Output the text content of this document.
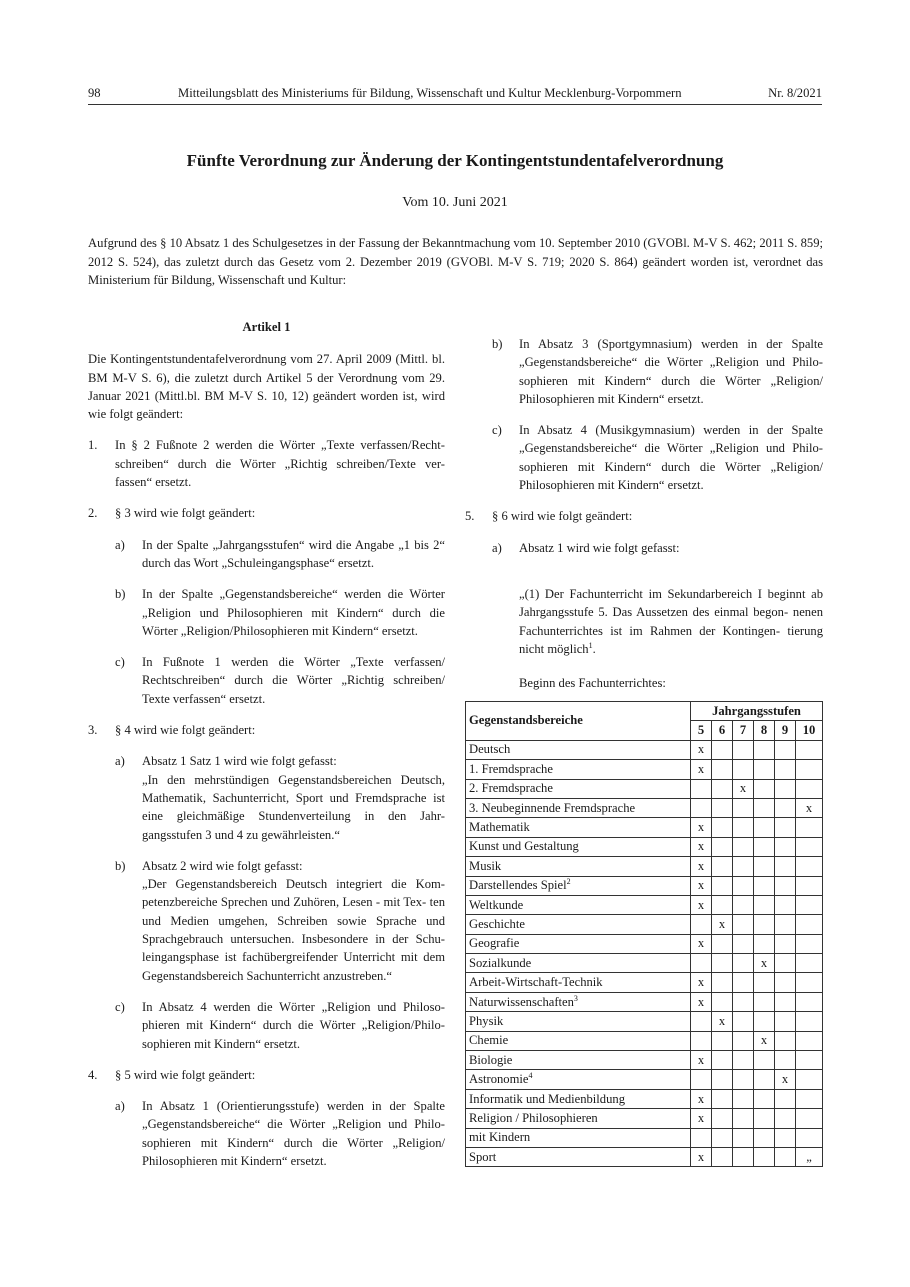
98	Mitteilungsblatt des Ministeriums für Bildung, Wissenschaft und Kultur Mecklenburg-Vorpommern	Nr. 8/2021
Fünfte Verordnung zur Änderung der Kontingentstundentafelverordnung
Vom 10. Juni 2021
Aufgrund des § 10 Absatz 1 des Schulgesetzes in der Fassung der Bekanntmachung vom 10. September 2010 (GVOBl. M-V S. 462; 2011 S. 859; 2012 S. 524), das zuletzt durch das Gesetz vom 2. Dezember 2019 (GVOBl. M-V S. 719; 2020 S. 864) geändert worden ist, verordnet das Ministerium für Bildung, Wissenschaft und Kultur:

Artikel 1

Die Kontingentstundentafelverordnung vom 27. April 2009 (Mittl. bl. BM M-V S. 6), die zuletzt durch Artikel 5 der Verordnung vom 29. Januar 2021 (Mittl.bl. BM M-V S. 10, 12) geändert worden ist, wird wie folgt geändert:

1. In § 2 Fußnote 2 werden die Wörter „Texte verfassen/Recht- schreiben“ durch die Wörter „Richtig schreiben/Texte ver- fassen“ ersetzt.
2. § 3 wird wie folgt geändert:
a) In der Spalte „Jahrgangsstufen“ wird die Angabe „1 bis 2“ durch das Wort „Schuleingangsphase“ ersetzt.
b) In der Spalte „Gegenstandsbereiche“ werden die Wörter „Religion und Philosophieren mit Kindern“ durch die Wörter „Religion/Philosophieren mit Kindern“ ersetzt.
c) In Fußnote 1 werden die Wörter „Texte verfassen/ Rechtschreiben“ durch die Wörter „Richtig schreiben/ Texte verfassen“ ersetzt.
3. § 4 wird wie folgt geändert:
a) Absatz 1 Satz 1 wird wie folgt gefasst:

„In den mehrstündigen Gegenstandsbereichen Deutsch, Mathematik, Sachunterricht, Sport und Fremdsprache ist eine gleichmäßige Stundenverteilung in den Jahr- gangsstufen 3 und 4 zu gewährleisten.“

b) Absatz 2 wird wie folgt gefasst:

„Der Gegenstandsbereich Deutsch integriert die Kom- petenzbereiche Sprechen und Zuhören, Lesen - mit Tex- ten und Medien umgehen, Schreiben sowie Sprache und Sprachgebrauch untersuchen. Insbesondere in der Schu- leingangsphase ist fachübergreifender Unterricht mit dem Gegenstandsbereich Sachunterricht anzustreben.“

c) In Absatz 4 werden die Wörter „Religion und Philoso- phieren mit Kindern“ durch die Wörter „Religion/Philo- sophieren mit Kindern“ ersetzt.
4. § 5 wird wie folgt geändert:
a) In Absatz 1 (Orientierungsstufe) werden in der Spalte „Gegenstandsbereiche“ die Wörter „Religion und Philo- sophieren mit Kindern“ durch die Wörter „Religion/ Philosophieren mit Kindern“ ersetzt.
b) In Absatz 3 (Sportgymnasium) werden in der Spalte „Gegenstandsbereiche“ die Wörter „Religion und Philo- sophieren mit Kindern“ durch die Wörter „Religion/ Philosophieren mit Kindern“ ersetzt.
c) In Absatz 4 (Musikgymnasium) werden in der Spalte „Gegenstandsbereiche“ die Wörter „Religion und Philo- sophieren mit Kindern“ durch die Wörter „Religion/ Philosophieren mit Kindern“ ersetzt.
5. § 6 wird wie folgt geändert:
a) Absatz 1 wird wie folgt gefasst:

„(1) Der Fachunterricht im Sekundarbereich I beginnt ab Jahrgangsstufe 5. Das Aussetzen des einmal begon- nenen Fachunterrichtes ist im Rahmen der Kontingen- tierung nicht möglich$^1$.

Beginn des Fachunterrichtes:

Gegenstandsbereiche	Jahrgangsstufen					
	5	6	7	8	9	10
Deutsch	x					
1. Fremdsprache	x					
2. Fremdsprache			x			
3. Neubeginnende Fremdsprache						x
Mathematik	x					
Kunst und Gestaltung	x					
Musik	x					
Darstellendes Spiel$^2$	x					
Weltkunde	x					
Geschichte		x				
Geografie	x					
Sozialkunde				x		
Arbeit-Wirtschaft-Technik	x					
Naturwissenschaften$^3$	x					
Physik		x				
Chemie				x		
Biologie	x					
Astronomie$^4$					x	
Informatik und Medienbildung	x					
Religion / Philosophieren	x					
mit Kindern						
Sport	x					„
